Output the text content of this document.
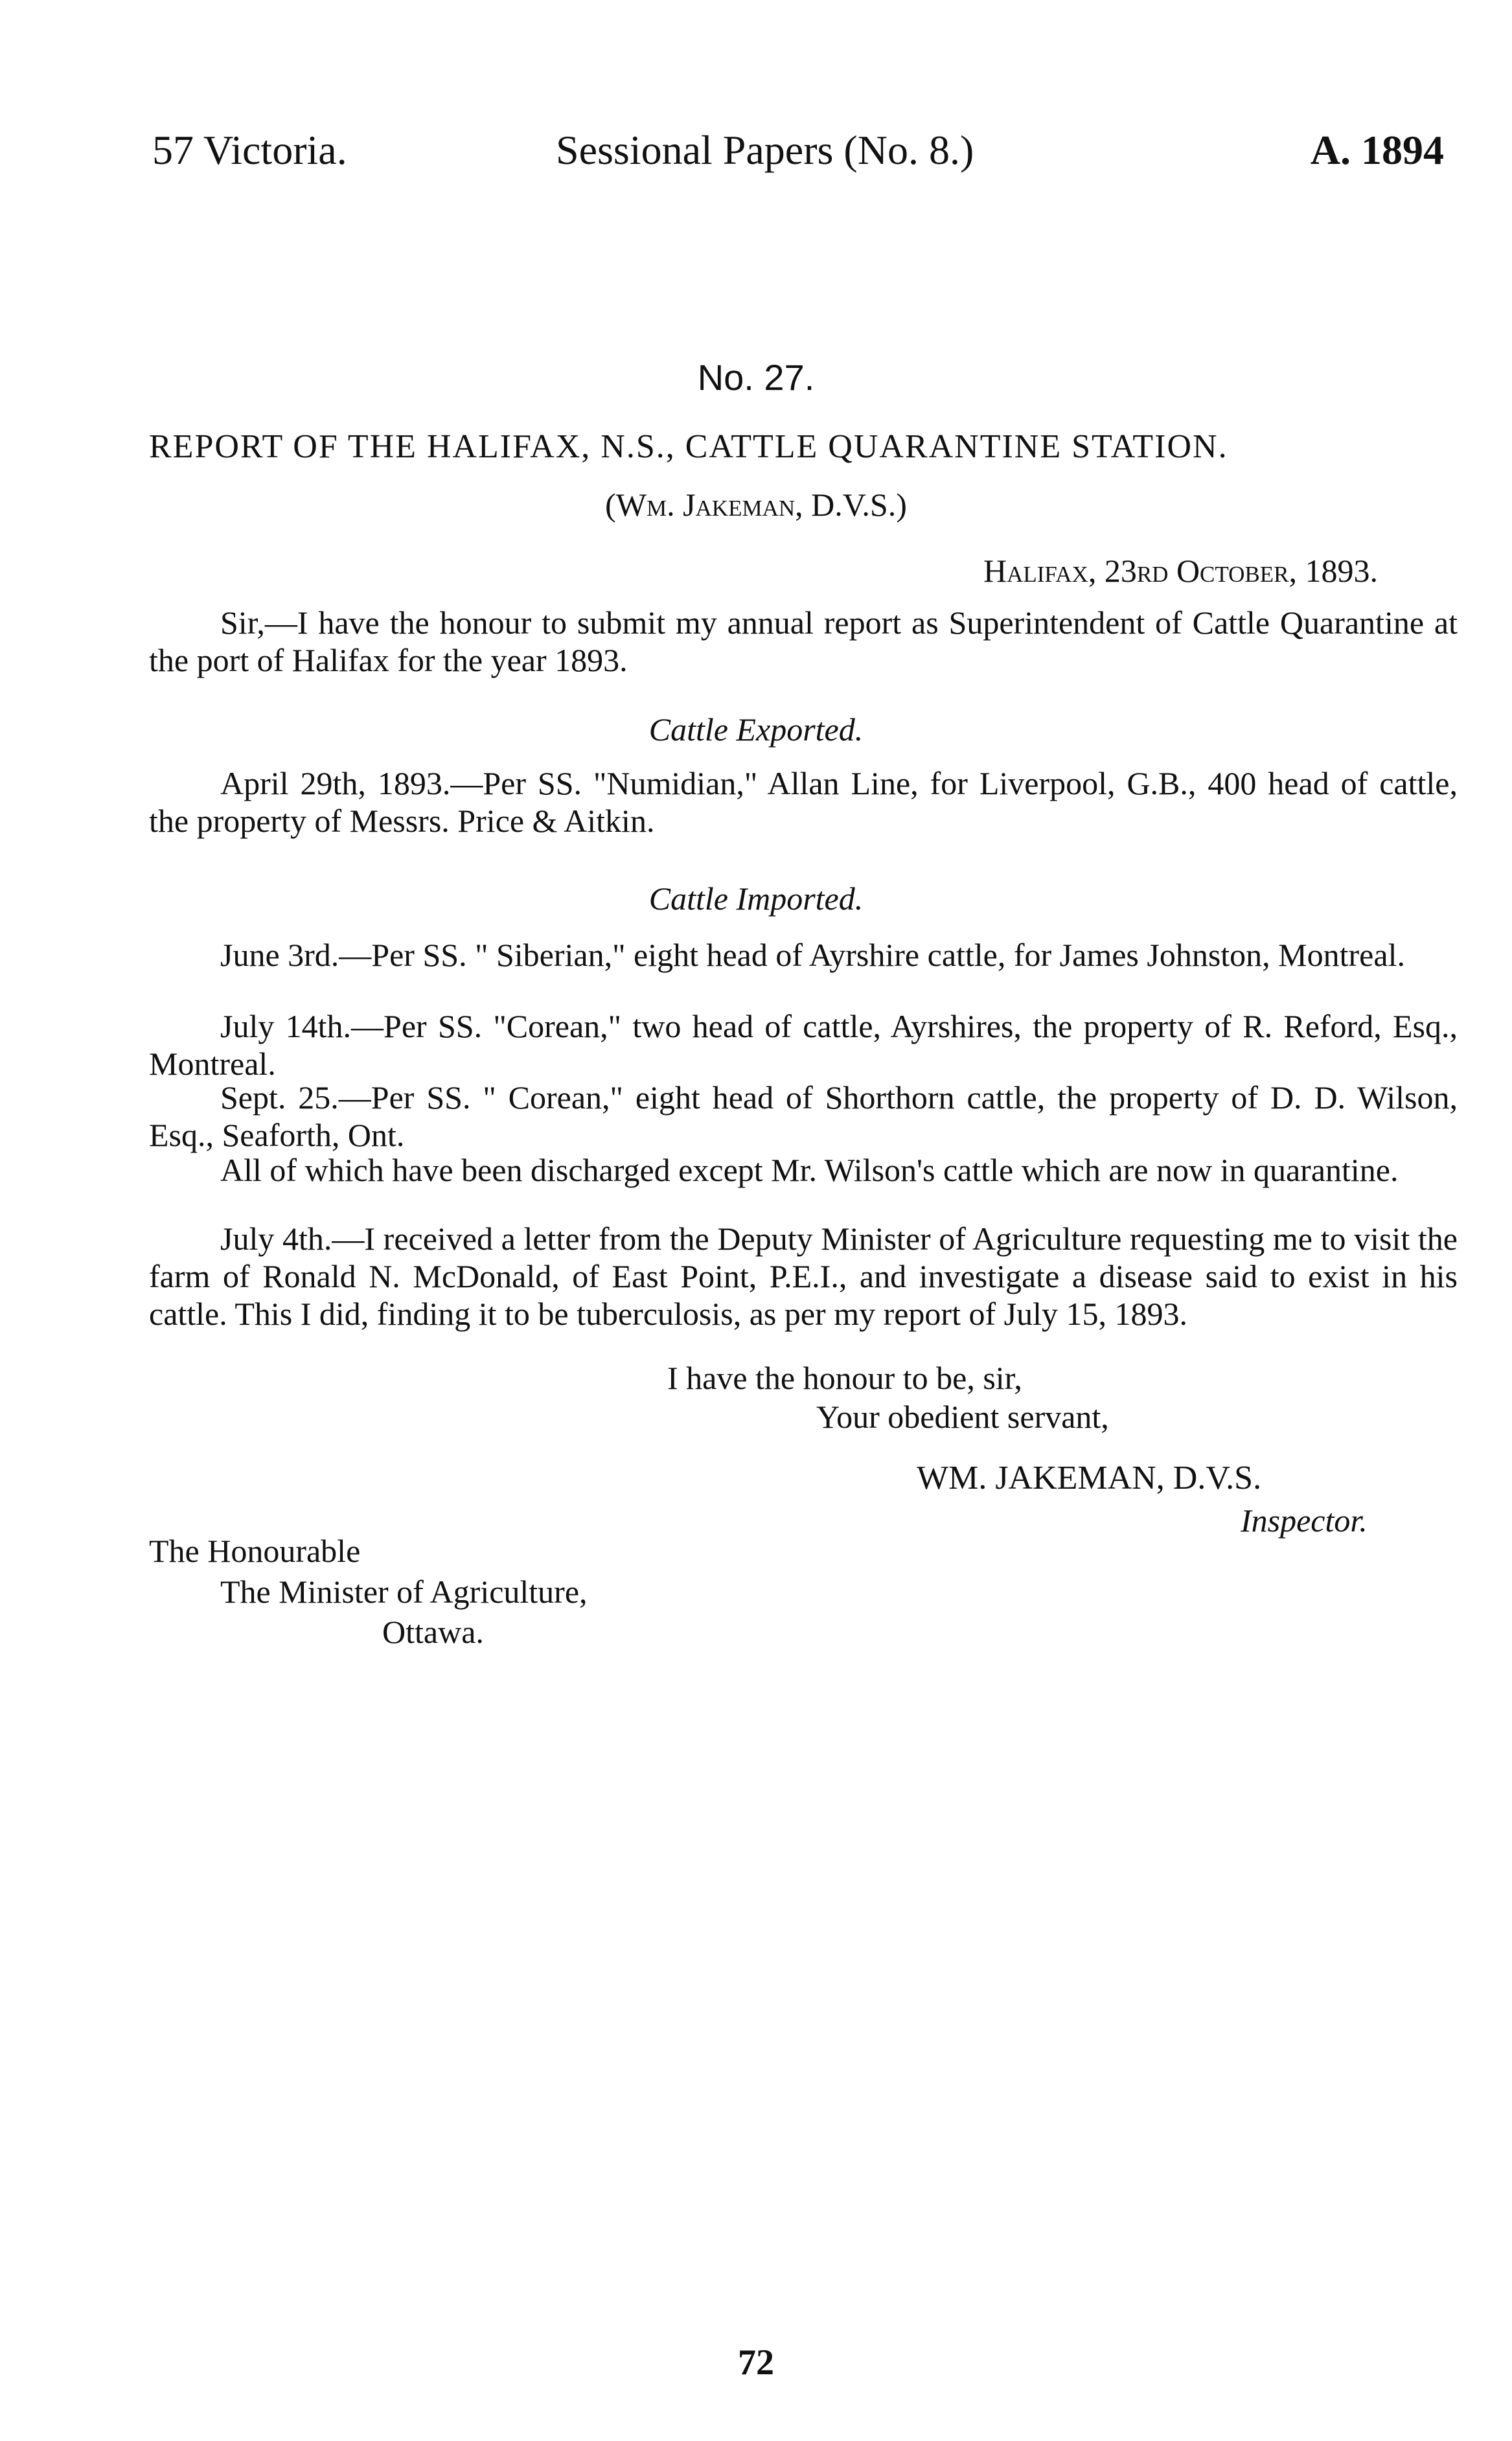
57 Victoria.	Sessional Papers (No. 8.)	A. 1894
No. 27.
REPORT OF THE HALIFAX, N.S., CATTLE QUARANTINE STATION.
(Wm. Jakeman, D.V.S.)
Halifax, 23rd October, 1893.
Sir,—I have the honour to submit my annual report as Superintendent of Cattle Quarantine at the port of Halifax for the year 1893.
Cattle Exported.
April 29th, 1893.—Per SS. "Numidian," Allan Line, for Liverpool, G.B., 400 head of cattle, the property of Messrs. Price & Aitkin.
Cattle Imported.
June 3rd.—Per SS. " Siberian," eight head of Ayrshire cattle, for James Johnston, Montreal.
July 14th.—Per SS. "Corean," two head of cattle, Ayrshires, the property of R. Reford, Esq., Montreal.
Sept. 25.—Per SS. " Corean," eight head of Shorthorn cattle, the property of D. D. Wilson, Esq., Seaforth, Ont.
All of which have been discharged except Mr. Wilson's cattle which are now in quarantine.
July 4th.—I received a letter from the Deputy Minister of Agriculture requesting me to visit the farm of Ronald N. McDonald, of East Point, P.E.I., and investigate a disease said to exist in his cattle. This I did, finding it to be tuberculosis, as per my report of July 15, 1893.
I have the honour to be, sir,
Your obedient servant,
WM. JAKEMAN, D.V.S.
Inspector.
The Honourable
The Minister of Agriculture,
Ottawa.
72
